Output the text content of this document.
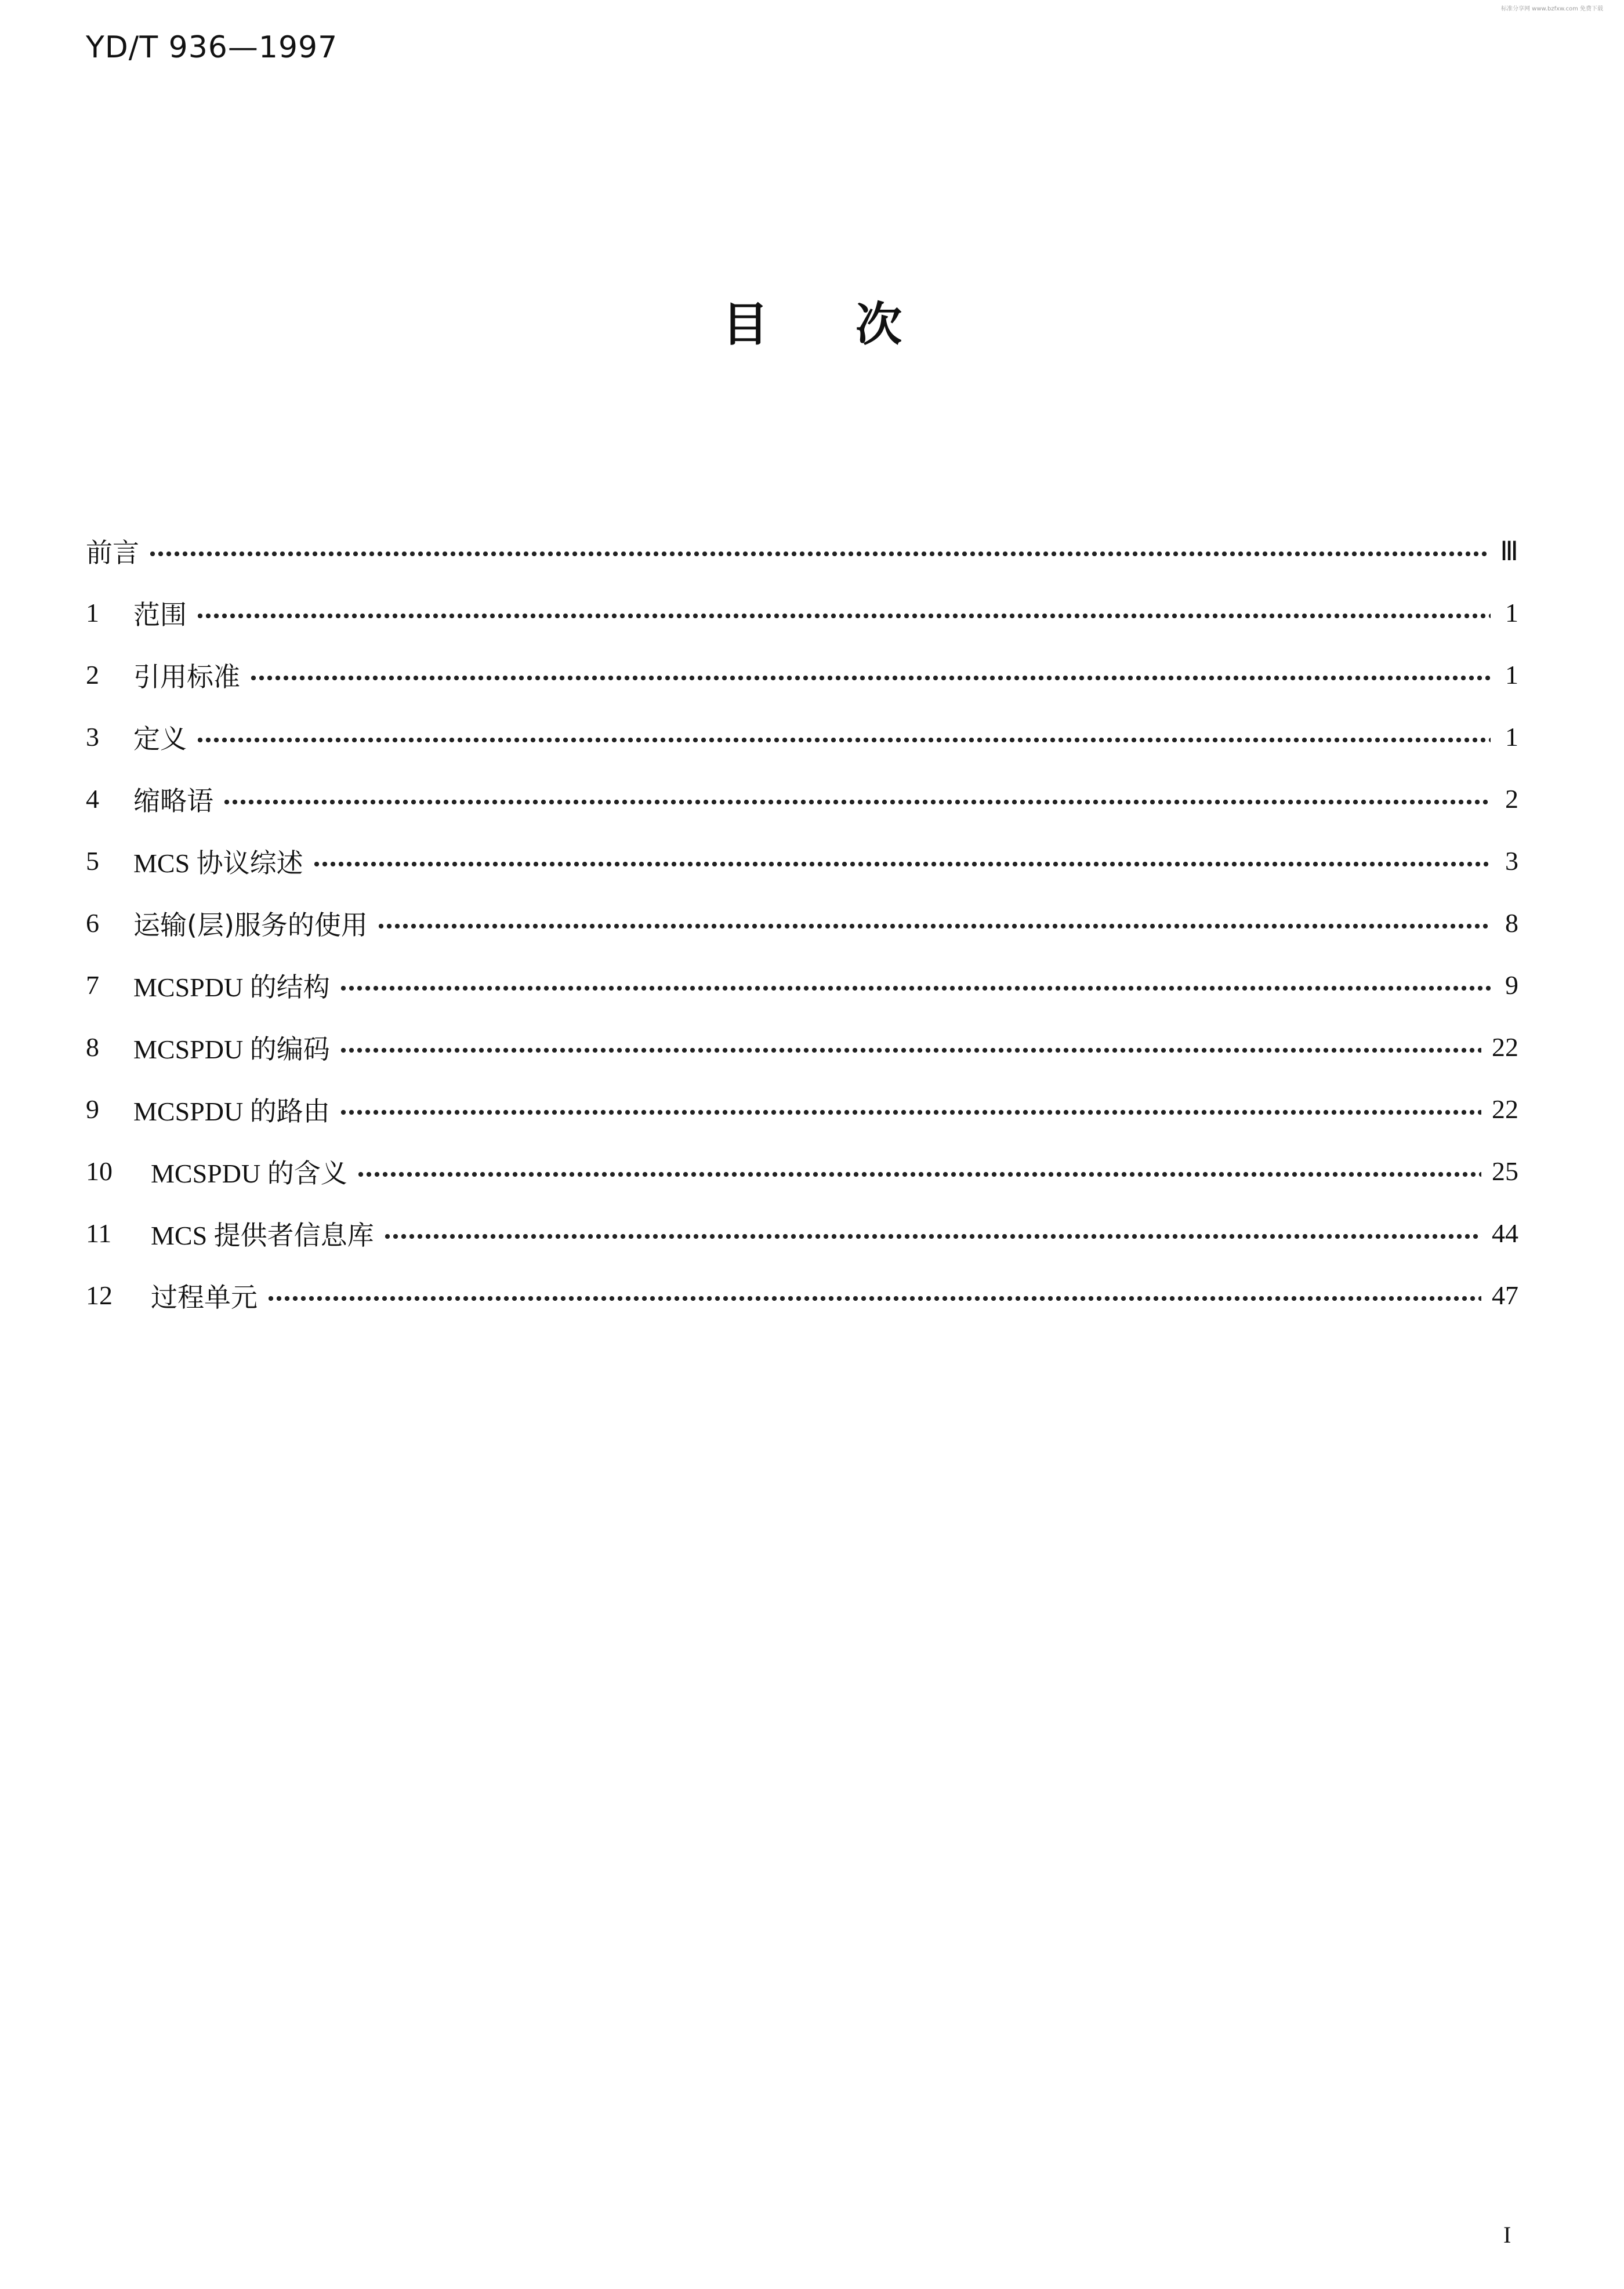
YD/T 936—1997
标准分享网 www.bzfxw.com 免费下载
目次
前言	Ⅲ
1	范围	1
2	引用标准	1
3	定义	1
4	缩略语	2
5	MCS 协议综述	3
6	运输(层)服务的使用	8
7	MCSPDU 的结构	9
8	MCSPDU 的编码	22
9	MCSPDU 的路由	22
10	MCSPDU 的含义	25
11	MCS 提供者信息库	44
12	过程单元	47
I
